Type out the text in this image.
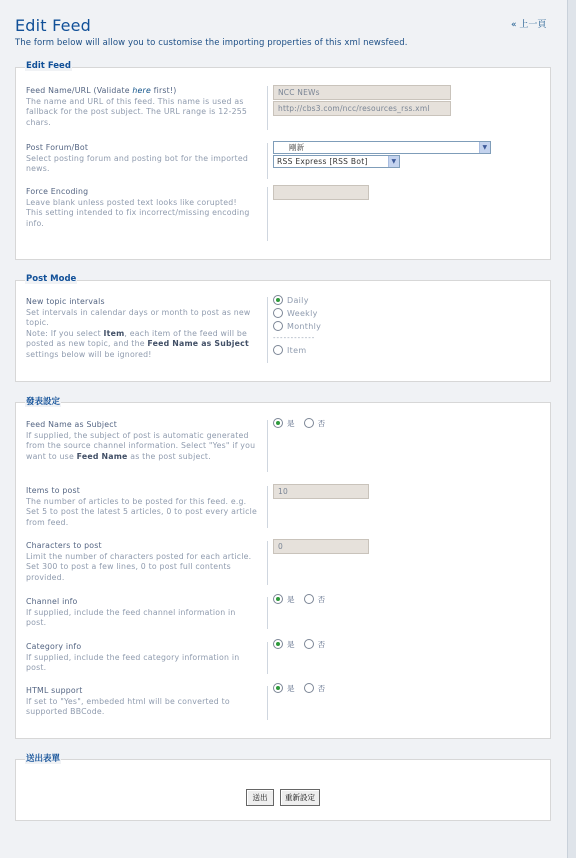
Edit Feed
The form below will allow you to customise the importing properties of this xml newsfeed.
« 上一頁
Feed Name/URL (Validate here first!)
The name and URL of this feed. This name is used as fallback for the post subject. The URL range is 12-255 chars.
NCC NEWs
http://cbs3.com/ncc/resources_rss.xml
Post Forum/Bot
Select posting forum and posting bot for the imported news.
剛新	▼
RSS Express [RSS Bot]	▼
Force Encoding
Leave blank unless posted text looks like corupted!
This setting intended to fix incorrect/missing encoding info.
Edit Feed
New topic intervals
Set intervals in calendar days or month to post as new topic.
Note: If you select Item, each item of the feed will be posted as new topic, and the Feed Name as Subject settings below will be ignored!
Daily
Weekly
Monthly
------------
Item
Post Mode
Feed Name as Subject
If supplied, the subject of post is automatic generated from the source channel information. Select "Yes" if you want to use Feed Name as the post subject.
是	否
Items to post
The number of articles to be posted for this feed. e.g. Set 5 to post the latest 5 articles, 0 to post every article from feed.
10
Characters to post
Limit the number of characters posted for each article. Set 300 to post a few lines, 0 to post full contents provided.
0
Channel info
If supplied, include the feed channel information in post.
是	否
Category info
If supplied, include the feed category information in post.
是	否
HTML support
If set to "Yes", embeded html will be converted to supported BBCode.
是	否
發表設定
送出	重新設定
送出表單
